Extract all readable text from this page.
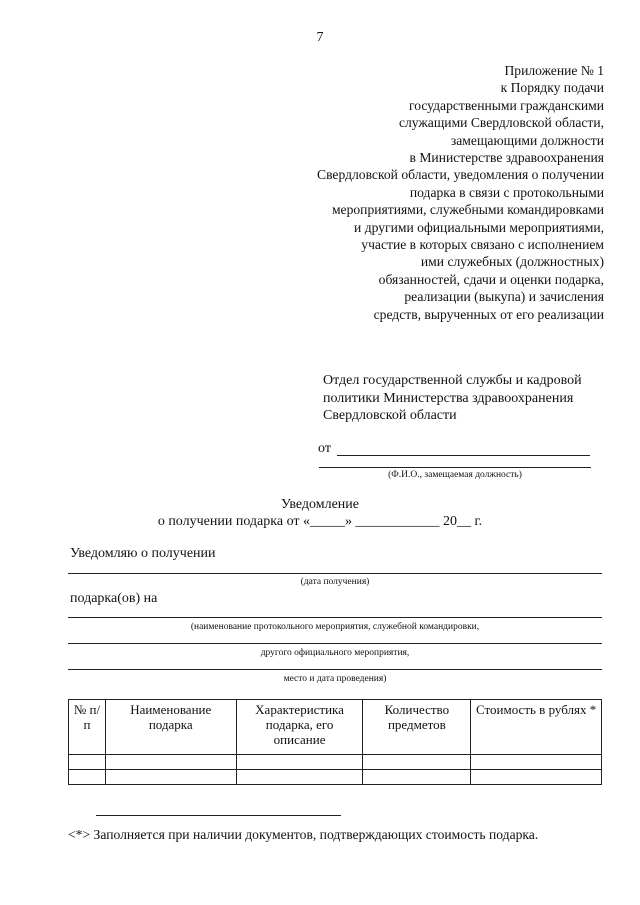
7
Приложение № 1
к Порядку подачи
государственными гражданскими
служащими Свердловской области,
замещающими должности
в Министерстве здравоохранения
Свердловской области, уведомления о получении
подарка в связи с протокольными
мероприятиями, служебными командировками
и другими официальными мероприятиями,
участие в которых связано с исполнением
ими служебных (должностных)
обязанностей, сдачи и оценки подарка,
реализации (выкупа) и зачисления
средств, вырученных от его реализации
Отдел государственной службы и кадровой
политики Министерства здравоохранения
Свердловской области
от
(Ф.И.О., замещаемая должность)
Уведомление
о получении подарка от «_____» ____________ 20__ г.
Уведомляю о получении
(дата получения)
подарка(ов) на
(наименование протокольного мероприятия, служебной командировки,
другого официального мероприятия,
место и дата проведения)
№ п/п	Наименование подарка	Характеристика подарка, его описание	Количество предметов	Стоимость в рублях *

<*> Заполняется при наличии документов, подтверждающих стоимость подарка.
